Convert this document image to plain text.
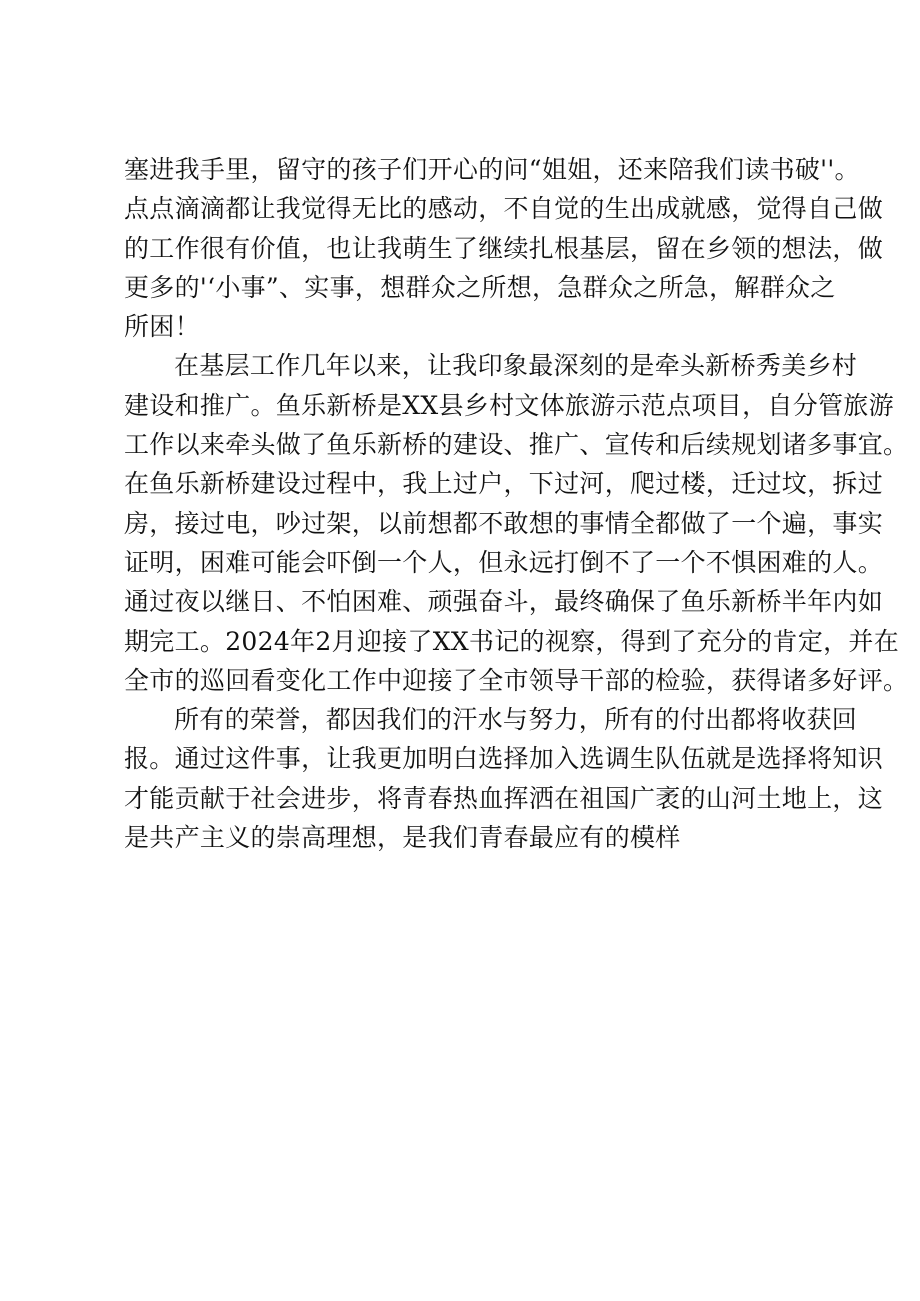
塞进我手里，留守的孩子们开心的问“姐姐，还来陪我们读书破''。
点点滴滴都让我觉得无比的感动，不自觉的生出成就感，觉得自己做
的工作很有价值，也让我萌生了继续扎根基层，留在乡领的想法，做
更多的'‘小事”、实事，想群众之所想，急群众之所急，解群众之
所困！
在基层工作几年以来，让我印象最深刻的是牵头新桥秀美乡村
建设和推广。鱼乐新桥是XX县乡村文体旅游示范点项目，自分管旅游
工作以来牵头做了鱼乐新桥的建设、推广、宣传和后续规划诸多事宜。
在鱼乐新桥建设过程中，我上过户，下过河，爬过楼，迁过坟，拆过
房，接过电，吵过架，以前想都不敢想的事情全都做了一个遍，事实
证明，困难可能会吓倒一个人，但永远打倒不了一个不惧困难的人。
通过夜以继日、不怕困难、顽强奋斗，最终确保了鱼乐新桥半年内如
期完工。2024年2月迎接了XX书记的视察，得到了充分的肯定，并在
全市的巡回看变化工作中迎接了全市领导干部的检验，获得诸多好评。
所有的荣誉，都因我们的汗水与努力，所有的付出都将收获回
报。通过这件事，让我更加明白选择加入选调生队伍就是选择将知识
才能贡献于社会进步，将青春热血挥洒在祖国广袤的山河土地上，这
是共产主义的崇高理想，是我们青春最应有的模样
